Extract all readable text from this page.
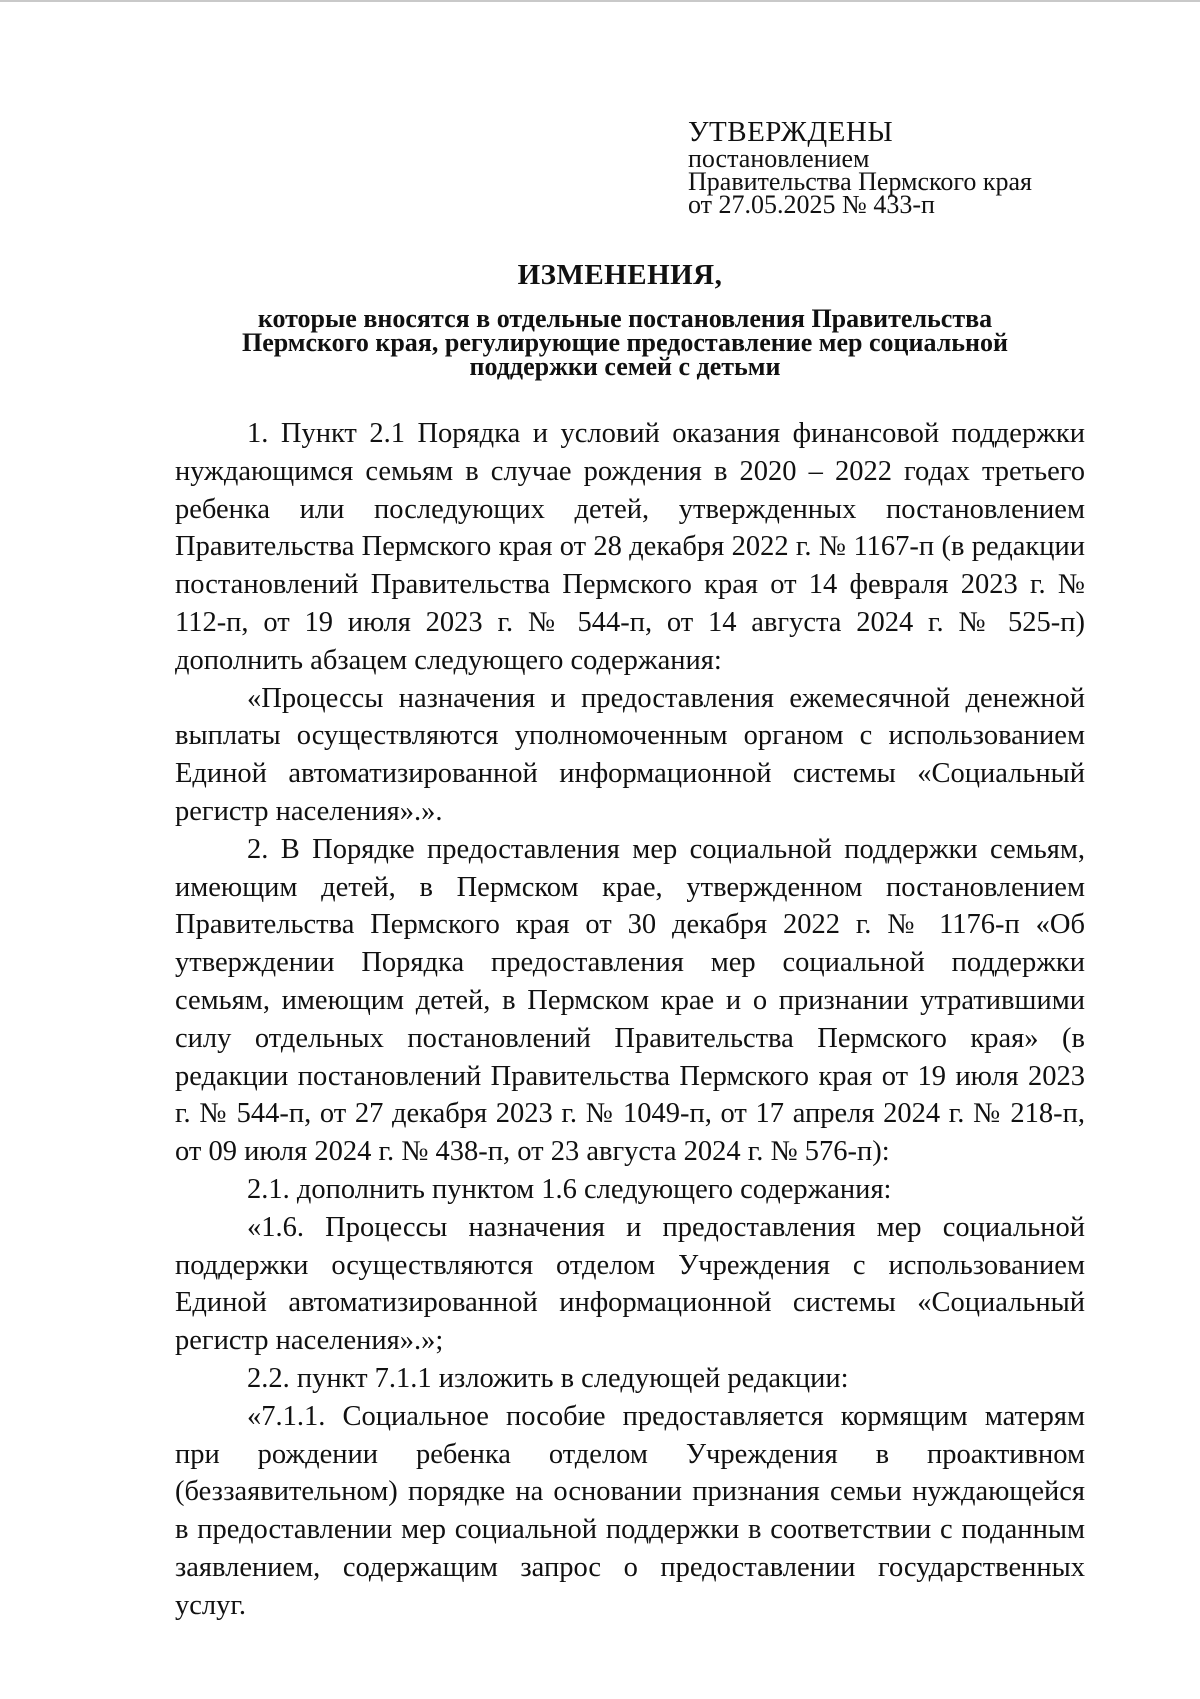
УТВЕРЖДЕНЫ
постановлением
Правительства Пермского края
от 27.05.2025 № 433-п
ИЗМЕНЕНИЯ,
которые вносятся в отдельные постановления Правительства
Пермского края, регулирующие предоставление мер социальной
поддержки семей с детьми

1. Пункт 2.1 Порядка и условий оказания финансовой поддержки нуждающимся семьям в случае рождения в 2020 – 2022 годах третьего ребенка или последующих детей, утвержденных постановлением Правительства Пермского края от 28 декабря 2022 г. № 1167-п (в редакции постановлений Правительства Пермского края от 14 февраля 2023 г. № 112-п, от 19 июля 2023 г. № 544-п, от 14 августа 2024 г. № 525-п) дополнить абзацем следующего содержания:

«Процессы назначения и предоставления ежемесячной денежной выплаты осуществляются уполномоченным органом с использованием Единой автоматизированной информационной системы «Социальный регистр населения».».

2. В Порядке предоставления мер социальной поддержки семьям, имеющим детей, в Пермском крае, утвержденном постановлением Правительства Пермского края от 30 декабря 2022 г. № 1176-п «Об утверждении Порядка предоставления мер социальной поддержки семьям, имеющим детей, в Пермском крае и о признании утратившими силу отдельных постановлений Правительства Пермского края» (в редакции постановлений Правительства Пермского края от 19 июля 2023 г. № 544-п, от 27 декабря 2023 г. № 1049-п, от 17 апреля 2024 г. № 218-п, от 09 июля 2024 г. № 438-п, от 23 августа 2024 г. № 576-п):

2.1. дополнить пунктом 1.6 следующего содержания:

«1.6. Процессы назначения и предоставления мер социальной поддержки осуществляются отделом Учреждения с использованием Единой автоматизированной информационной системы «Социальный регистр населения».»;

2.2. пункт 7.1.1 изложить в следующей редакции:

«7.1.1. Социальное пособие предоставляется кормящим матерям при рождении ребенка отделом Учреждения в проактивном (беззаявительном) порядке на основании признания семьи нуждающейся в предоставлении мер социальной поддержки в соответствии с поданным заявлением, содержащим запрос о предоставлении государственных услуг.
